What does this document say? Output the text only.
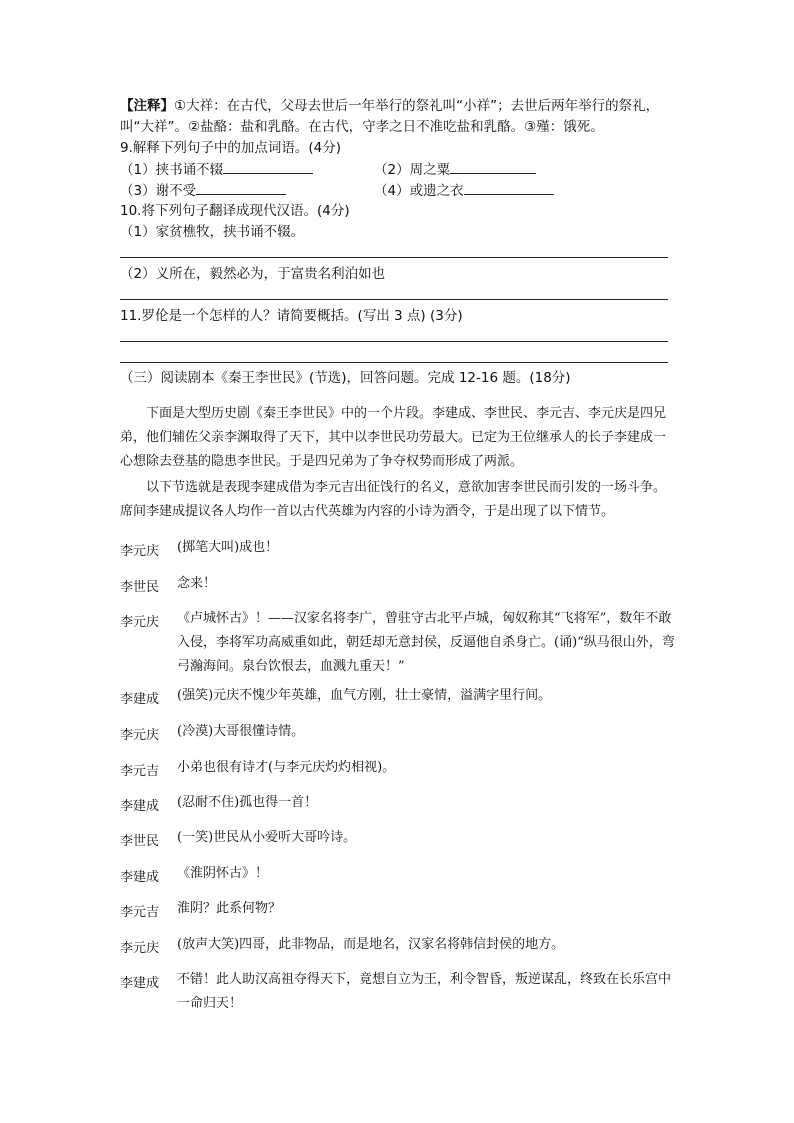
【注释】①大祥：在古代，父母去世后一年举行的祭礼叫“小祥”；去世后两年举行的祭礼，
叫“大祥”。②盐酪：盐和乳酪。在古代，守孝之日不准吃盐和乳酪。③殣：饿死。
9.解释下列句子中的加点词语。(4分)
（1）挟书诵不辍	（2）周之粟
（3）谢不受	（4）或遗之衣
10.将下列句子翻译成现代汉语。(4分)
（1）家贫樵牧，挟书诵不辍。
（2）义所在，毅然必为，于富贵名利泊如也
11.罗伦是一个怎样的人？请简要概括。(写出 3 点) (3分)
（三）阅读剧本《秦王李世民》(节选)，回答问题。完成 12-16 题。(18分)
下面是大型历史剧《秦王李世民》中的一个片段。李建成、李世民、李元吉、李元庆是四兄弟，他们辅佐父亲李渊取得了天下，其中以李世民功劳最大。已定为王位继承人的长子李建成一心想除去登基的隐患李世民。于是四兄弟为了争夺权势而形成了两派。
以下节选就是表现李建成借为李元吉出征饯行的名义，意欲加害李世民而引发的一场斗争。席间李建成提议各人均作一首以古代英雄为内容的小诗为酒令，于是出现了以下情节。
李元庆 (掷笔大叫)成也！
李世民 念来！
李元庆 《卢城怀古》！——汉家名将李广，曾驻守古北平卢城，匈奴称其“飞将军”，数年不敢入侵，李将军功高威重如此，朝廷却无意封侯，反逼他自杀身亡。(诵)“纵马很山外，弯弓瀚海间。泉台饮恨去，血溅九重天！”
李建成 (强笑)元庆不愧少年英雄，血气方刚，壮士豪情，溢满字里行间。
李元庆 (冷漠)大哥很懂诗情。
李元吉 小弟也很有诗才(与李元庆灼灼相视)。
李建成 (忍耐不住)孤也得一首！
李世民 (一笑)世民从小爱听大哥吟诗。
李建成 《淮阴怀古》！
李元吉 淮阴？此系何物？
李元庆 (放声大笑)四哥，此非物品，而是地名，汉家名将韩信封侯的地方。
李建成 不错！此人助汉高祖夺得天下，竟想自立为王，利令智昏，叛逆谋乱，终致在长乐宫中一命归天！
